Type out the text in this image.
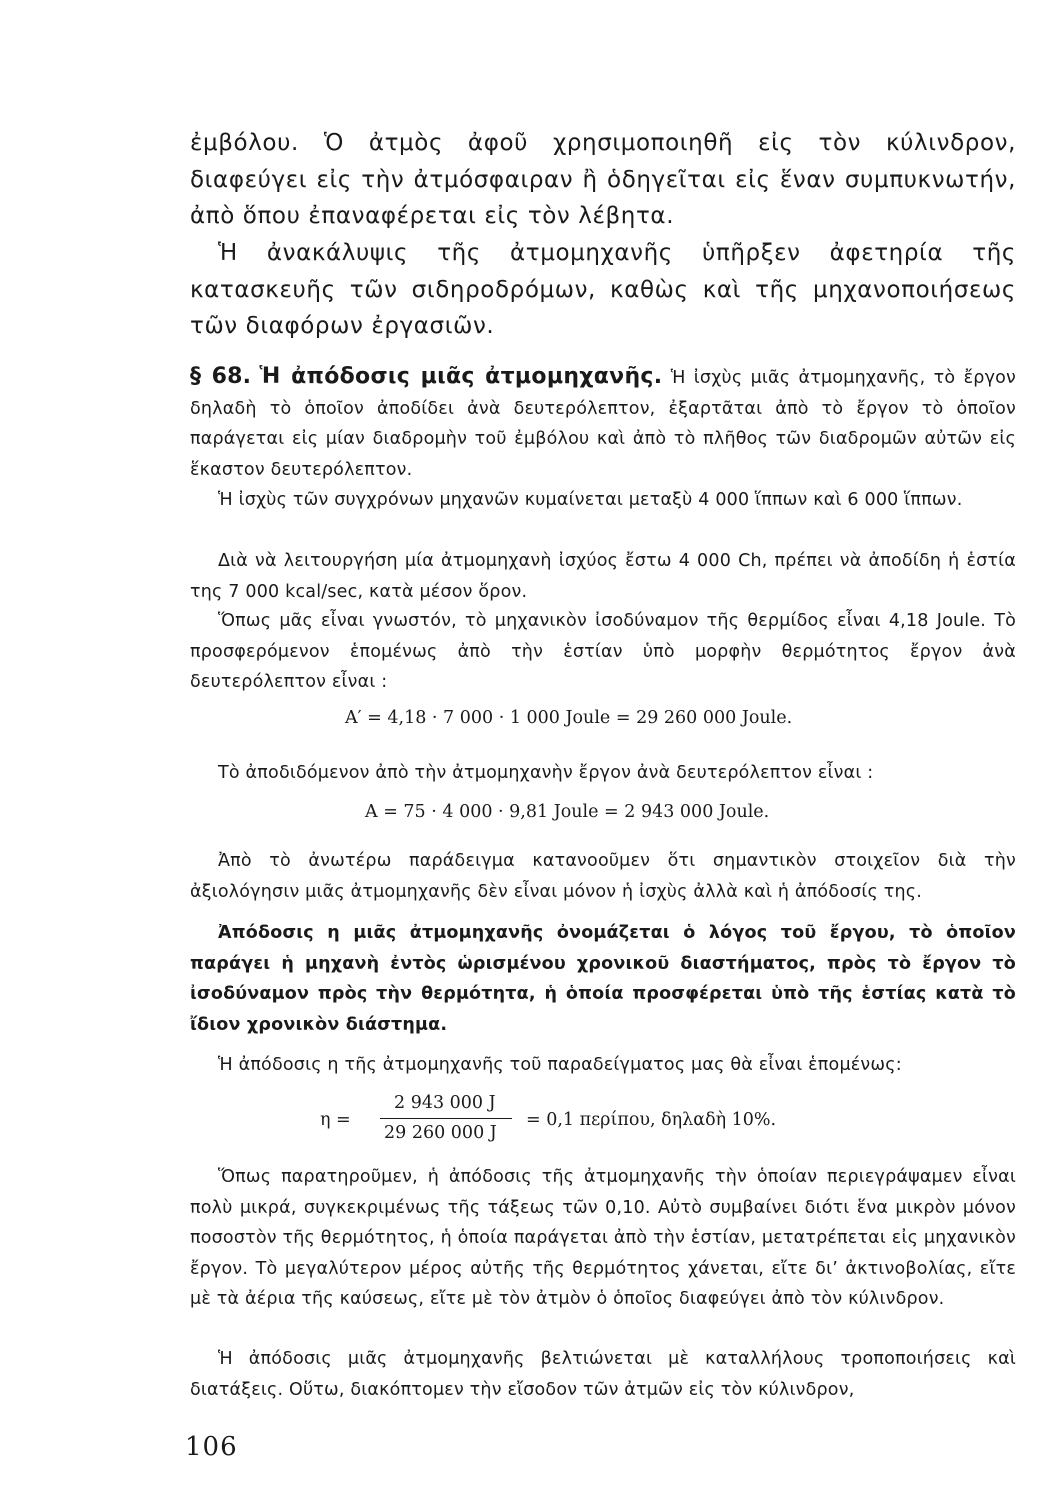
ἐμβόλου. Ὁ ἀτμὸς ἀφοῦ χρησιμοποιηθῆ εἰς τὸν κύλινδρον, διαφεύγει εἰς τὴν ἀτμόσφαιραν ἢ ὁδηγεῖται εἰς ἕναν συμπυκνωτήν, ἀπὸ ὅπου ἐπαναφέρεται εἰς τὸν λέβητα.

Ἡ ἀνακάλυψις τῆς ἀτμομηχανῆς ὑπῆρξεν ἀφετηρία τῆς κατασκευῆς τῶν σιδηροδρόμων, καθὼς καὶ τῆς μηχανοποιήσεως τῶν διαφόρων ἐργασιῶν.

§ 68. Ἡ ἀπόδοσις μιᾶς ἀτμομηχανῆς. Ἡ ἰσχὺς μιᾶς ἀτμομηχανῆς, τὸ ἔργον δηλαδὴ τὸ ὁποῖον ἀποδίδει ἀνὰ δευτερόλεπτον, ἐξαρτᾶται ἀπὸ τὸ ἔργον τὸ ὁποῖον παράγεται εἰς μίαν διαδρομὴν τοῦ ἐμβόλου καὶ ἀπὸ τὸ πλῆθος τῶν διαδρομῶν αὐτῶν εἰς ἕκαστον δευτερόλεπτον.

Ἡ ἰσχὺς τῶν συγχρόνων μηχανῶν κυμαίνεται μεταξὺ 4 000 ἵππων καὶ 6 000 ἵππων.

Διὰ νὰ λειτουργήση μία ἀτμομηχανὴ ἰσχύος ἔστω 4 000 Ch, πρέπει νὰ ἀποδίδη ἡ ἑστία της 7 000 kcal/sec, κατὰ μέσον ὅρον.

Ὅπως μᾶς εἶναι γνωστόν, τὸ μηχανικὸν ἰσοδύναμον τῆς θερμίδος εἶναι 4,18 Joule. Τὸ προσφερόμενον ἑπομένως ἀπὸ τὴν ἑστίαν ὑπὸ μορφὴν θερμότητος ἔργον ἀνὰ δευτερόλεπτον εἶναι :

A′ = 4,18 · 7 000 · 1 000 Joule = 29 260 000 Joule.

Τὸ ἀποδιδόμενον ἀπὸ τὴν ἀτμομηχανὴν ἔργον ἀνὰ δευτερόλεπτον εἶναι :

A = 75 · 4 000 · 9,81 Joule = 2 943 000 Joule.

Ἀπὸ τὸ ἀνωτέρω παράδειγμα κατανοοῦμεν ὅτι σημαντικὸν στοιχεῖον διὰ τὴν ἀξιολόγησιν μιᾶς ἀτμομηχανῆς δὲν εἶναι μόνον ἡ ἰσχὺς ἀλλὰ καὶ ἡ ἀπόδοσίς της.

Ἀπόδοσις η μιᾶς ἀτμομηχανῆς ὀνομάζεται ὁ λόγος τοῦ ἔργου, τὸ ὁποῖον παράγει ἡ μηχανὴ ἐντὸς ὡρισμένου χρονικοῦ διαστήματος, πρὸς τὸ ἔργον τὸ ἰσοδύναμον πρὸς τὴν θερμότητα, ἡ ὁποία προσφέρεται ὑπὸ τῆς ἑστίας κατὰ τὸ ἴδιον χρονικὸν διάστημα.

Ἡ ἀπόδοσις η τῆς ἀτμομηχανῆς τοῦ παραδείγματος μας θὰ εἶναι ἑπομένως:

η =
2 943 000 J
29 260 000 J
= 0,1 περίπου, δηλαδὴ 10%.

Ὅπως παρατηροῦμεν, ἡ ἀπόδοσις τῆς ἀτμομηχανῆς τὴν ὁποίαν περιεγράψαμεν εἶναι πολὺ μικρά, συγκεκριμένως τῆς τάξεως τῶν 0,10. Αὐτὸ συμβαίνει διότι ἕνα μικρὸν μόνον ποσοστὸν τῆς θερμότητος, ἡ ὁποία παράγεται ἀπὸ τὴν ἑστίαν, μετατρέπεται εἰς μηχανικὸν ἔργον. Τὸ μεγαλύτερον μέρος αὐτῆς τῆς θερμότητος χάνεται, εἴτε δι’ ἀκτινοβολίας, εἴτε μὲ τὰ ἀέρια τῆς καύσεως, εἴτε μὲ τὸν ἀτμὸν ὁ ὁποῖος διαφεύγει ἀπὸ τὸν κύλινδρον.

Ἡ ἀπόδοσις μιᾶς ἀτμομηχανῆς βελτιώνεται μὲ καταλλήλους τροποποιήσεις καὶ διατάξεις. Οὕτω, διακόπτομεν τὴν εἴσοδον τῶν ἀτμῶν εἰς τὸν κύλινδρον,

106
